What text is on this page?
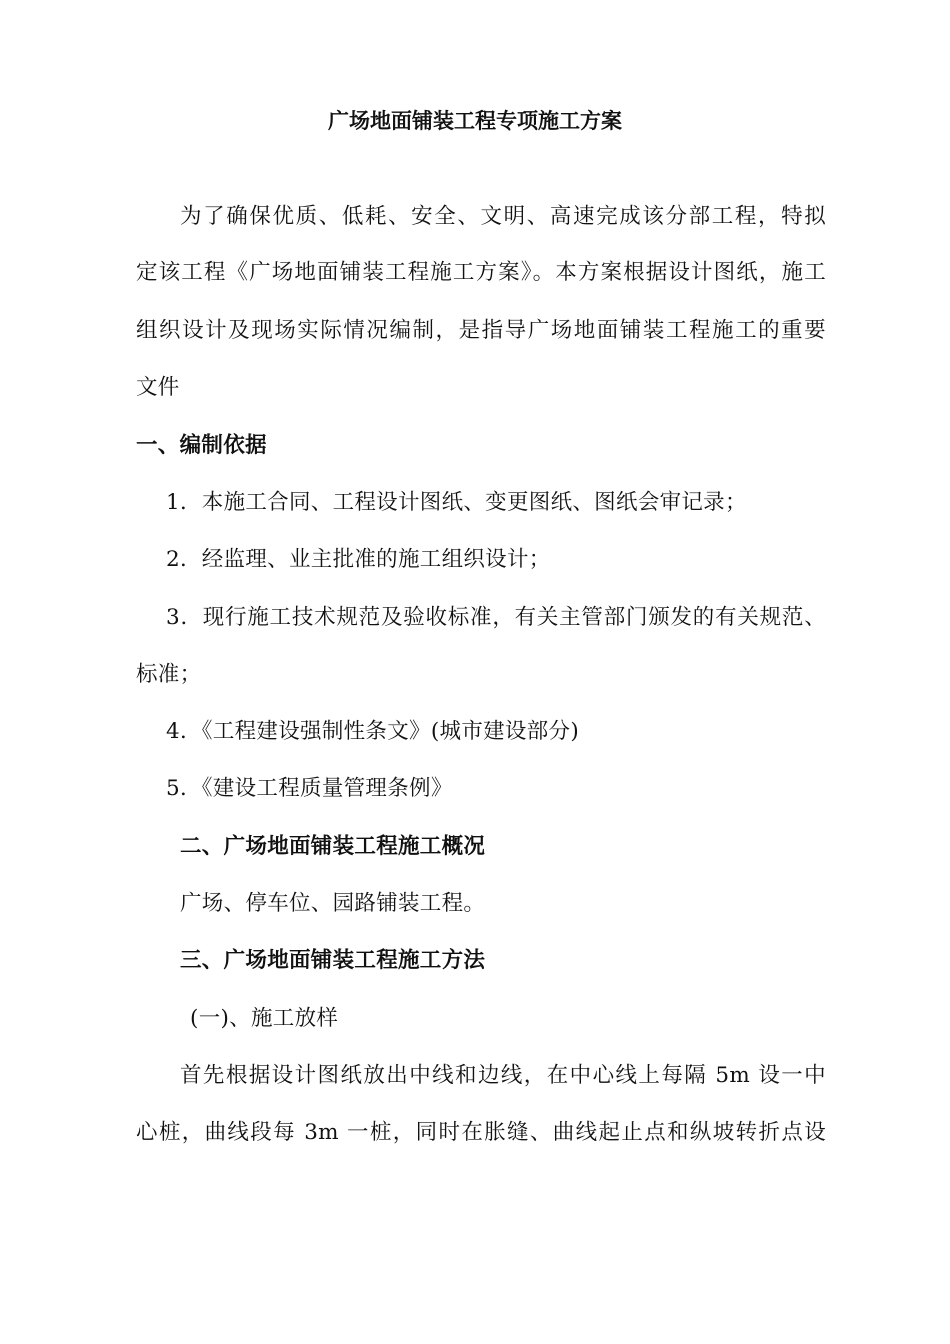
广场地面铺装工程专项施工方案
为了确保优质、低耗、安全、文明、高速完成该分部工程，特拟
定该工程《广场地面铺装工程施工方案》。本方案根据设计图纸，施工
组织设计及现场实际情况编制，是指导广场地面铺装工程施工的重要
文件
一、编制依据
1．本施工合同、工程设计图纸、变更图纸、图纸会审记录；
2．经监理、业主批准的施工组织设计；
3．现行施工技术规范及验收标准，有关主管部门颁发的有关规范、
标准；
4．《工程建设强制性条文》(城市建设部分)
5．《建设工程质量管理条例》
二、广场地面铺装工程施工概况
广场、停车位、园路铺装工程。
三、广场地面铺装工程施工方法
(一)、施工放样
首先根据设计图纸放出中线和边线，在中心线上每隔 5m 设一中
心桩，曲线段每 3m 一桩，同时在胀缝、曲线起止点和纵坡转折点设
